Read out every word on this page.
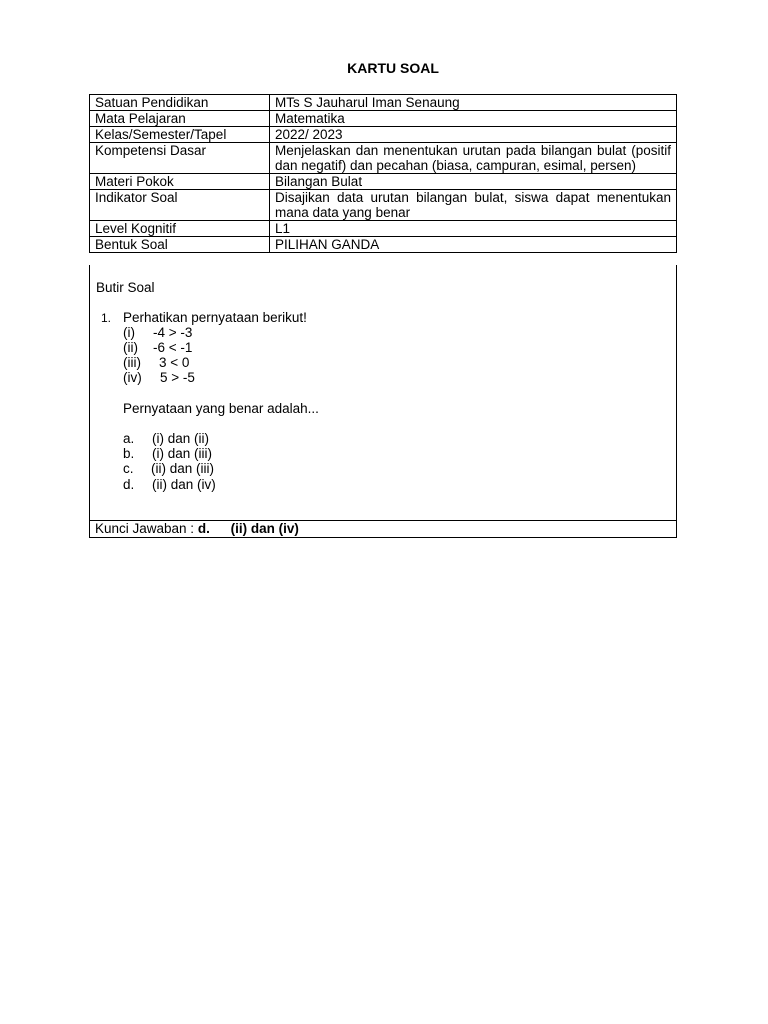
KARTU SOAL
Satuan Pendidikan	MTs S Jauharul Iman Senaung
Mata Pelajaran	Matematika
Kelas/Semester/Tapel	2022/ 2023
Kompetensi Dasar	Menjelaskan dan menentukan urutan pada bilangan bulat (positif dan negatif) dan pecahan (biasa, campuran, esimal, persen)
Materi Pokok	Bilangan Bulat
Indikator Soal	Disajikan data urutan bilangan bulat, siswa dapat menentukan mana data yang benar
Level Kognitif	L1
Bentuk Soal	PILIHAN GANDA
Butir Soal
1. Perhatikan pernyataan berikut!
(i) -4 > -3
(ii) -6 < -1
(iii) 3 < 0
(iv) 5 > -5
Pernyataan yang benar adalah...
a. (i) dan (ii)
b. (i) dan (iii)
c. (ii) dan (iii)
d. (ii) dan (iv)
Kunci Jawaban : d. (ii) dan (iv)
